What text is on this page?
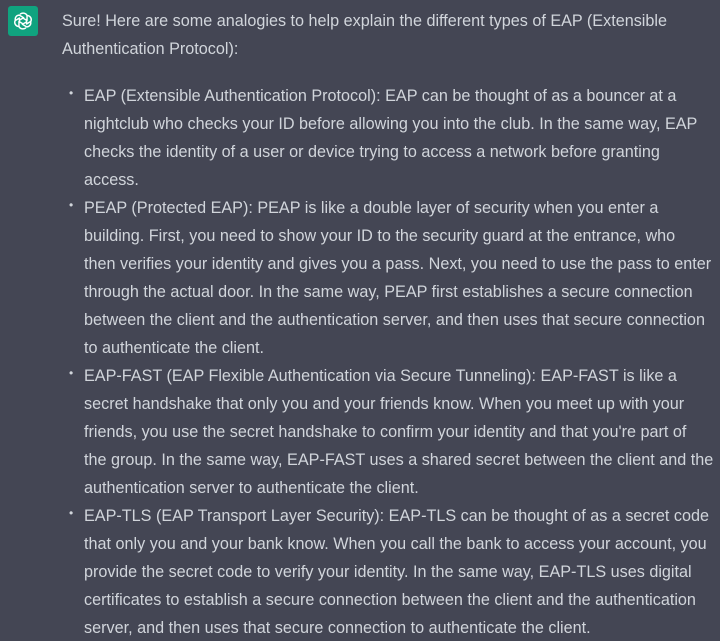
Sure! Here are some analogies to help explain the different types of EAP (Extensible
Authentication Protocol):

• EAP (Extensible Authentication Protocol): EAP can be thought of as a bouncer at a
nightclub who checks your ID before allowing you into the club. In the same way, EAP
checks the identity of a user or device trying to access a network before granting
access.
• PEAP (Protected EAP): PEAP is like a double layer of security when you enter a
building. First, you need to show your ID to the security guard at the entrance, who
then verifies your identity and gives you a pass. Next, you need to use the pass to enter
through the actual door. In the same way, PEAP first establishes a secure connection
between the client and the authentication server, and then uses that secure connection
to authenticate the client.
• EAP-FAST (EAP Flexible Authentication via Secure Tunneling): EAP-FAST is like a
secret handshake that only you and your friends know. When you meet up with your
friends, you use the secret handshake to confirm your identity and that you're part of
the group. In the same way, EAP-FAST uses a shared secret between the client and the
authentication server to authenticate the client.
• EAP-TLS (EAP Transport Layer Security): EAP-TLS can be thought of as a secret code
that only you and your bank know. When you call the bank to access your account, you
provide the secret code to verify your identity. In the same way, EAP-TLS uses digital
certificates to establish a secure connection between the client and the authentication
server, and then uses that secure connection to authenticate the client.
